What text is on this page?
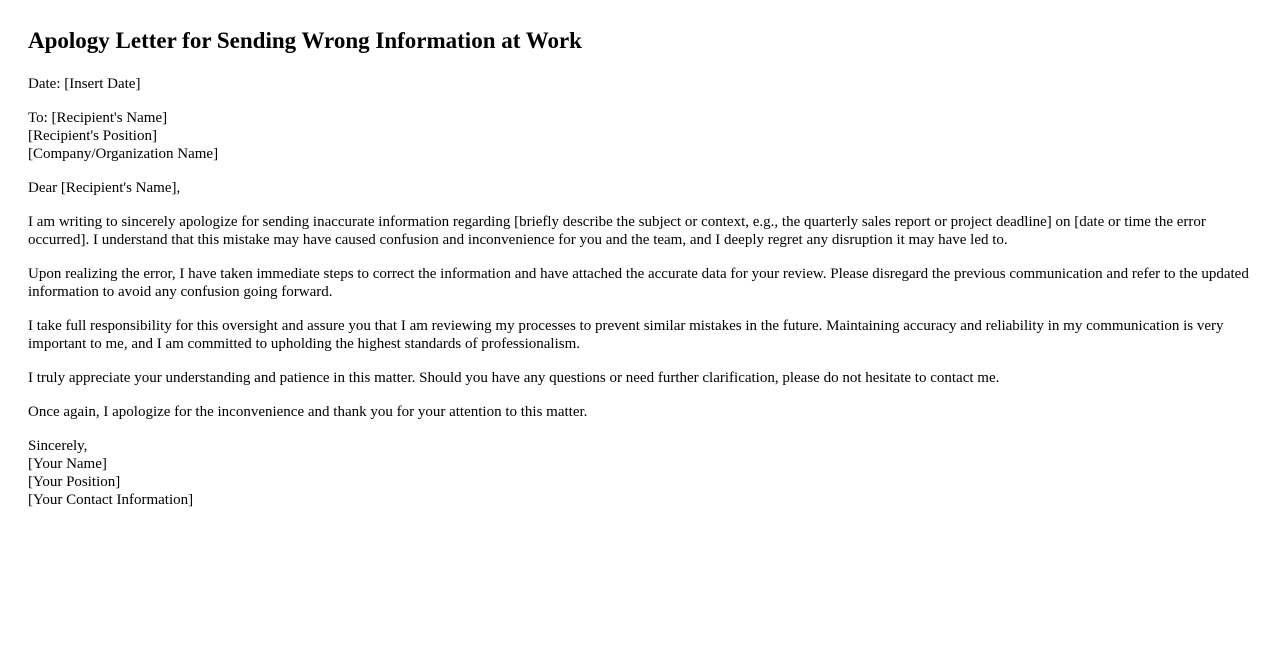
Apology Letter for Sending Wrong Information at Work

Date: [Insert Date]

To: [Recipient's Name]
[Recipient's Position]
[Company/Organization Name]

Dear [Recipient's Name],

I am writing to sincerely apologize for sending inaccurate information regarding [briefly describe the subject or context, e.g., the quarterly sales report or project deadline] on [date or time the error occurred]. I understand that this mistake may have caused confusion and inconvenience for you and the team, and I deeply regret any disruption it may have led to.

Upon realizing the error, I have taken immediate steps to correct the information and have attached the accurate data for your review. Please disregard the previous communication and refer to the updated information to avoid any confusion going forward.

I take full responsibility for this oversight and assure you that I am reviewing my processes to prevent similar mistakes in the future. Maintaining accuracy and reliability in my communication is very important to me, and I am committed to upholding the highest standards of professionalism.

I truly appreciate your understanding and patience in this matter. Should you have any questions or need further clarification, please do not hesitate to contact me.

Once again, I apologize for the inconvenience and thank you for your attention to this matter.

Sincerely,
[Your Name]
[Your Position]
[Your Contact Information]
